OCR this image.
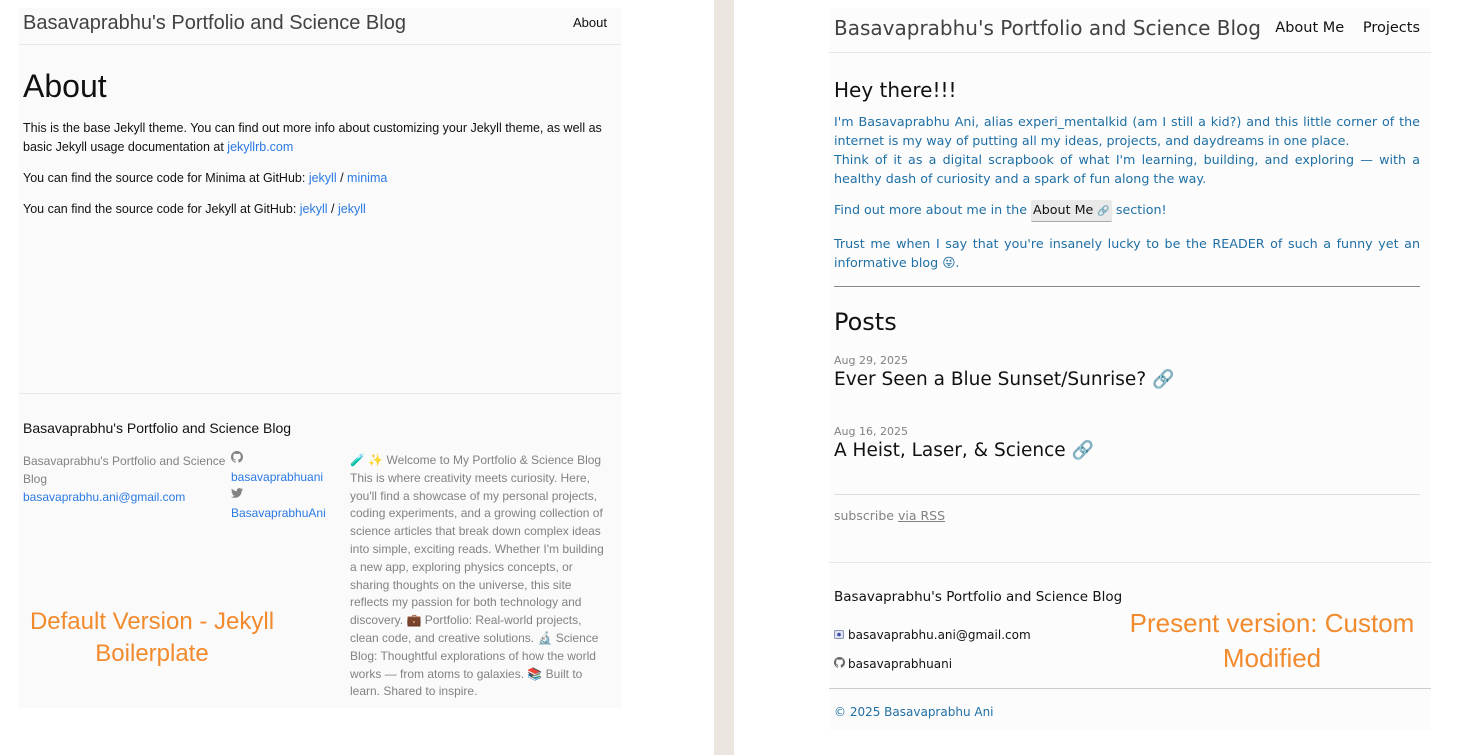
Basavaprabhu's Portfolio and Science Blog	About
About

This is the base Jekyll theme. You can find out more info about customizing your Jekyll theme, as well as basic Jekyll usage documentation at jekyllrb.com

You can find the source code for Minima at GitHub: jekyll / minima

You can find the source code for Jekyll at GitHub: jekyll / jekyll

Basavaprabhu's Portfolio and Science Blog
Basavaprabhu's Portfolio and Science Blog
basavaprabhu.ani@gmail.com
basavaprabhuani
BasavaprabhuAni
🧪 ✨ Welcome to My Portfolio & Science Blog This is where creativity meets curiosity. Here, you'll find a showcase of my personal projects, coding experiments, and a growing collection of science articles that break down complex ideas into simple, exciting reads. Whether I'm building a new app, exploring physics concepts, or sharing thoughts on the universe, this site reflects my passion for both technology and discovery. 💼 Portfolio: Real-world projects, clean code, and creative solutions. 🔬 Science Blog: Thoughtful explorations of how the world works — from atoms to galaxies. 📚 Built to learn. Shared to inspire.
Default Version - Jekyll
Boilerplate
Basavaprabhu's Portfolio and Science Blog About Me Projects
Hey there!!!

I'm Basavaprabhu Ani, alias experi_mentalkid (am I still a kid?) and this little corner of the internet is my way of putting all my ideas, projects, and daydreams in one place.
Think of it as a digital scrapbook of what I'm learning, building, and exploring — with a healthy dash of curiosity and a spark of fun along the way.

Find out more about me in the About Me 🔗 section!

Trust me when I say that you're insanely lucky to be the READER of such a funny yet an informative blog 😜.

Posts
Aug 29, 2025
Ever Seen a Blue Sunset/Sunrise? 🔗
Aug 16, 2025
A Heist, Laser, & Science 🔗
subscribe via RSS
Basavaprabhu's Portfolio and Science Blog
basavaprabhu.ani@gmail.com
basavaprabhuani
© 2025 Basavaprabhu Ani
Present version: Custom
Modified
